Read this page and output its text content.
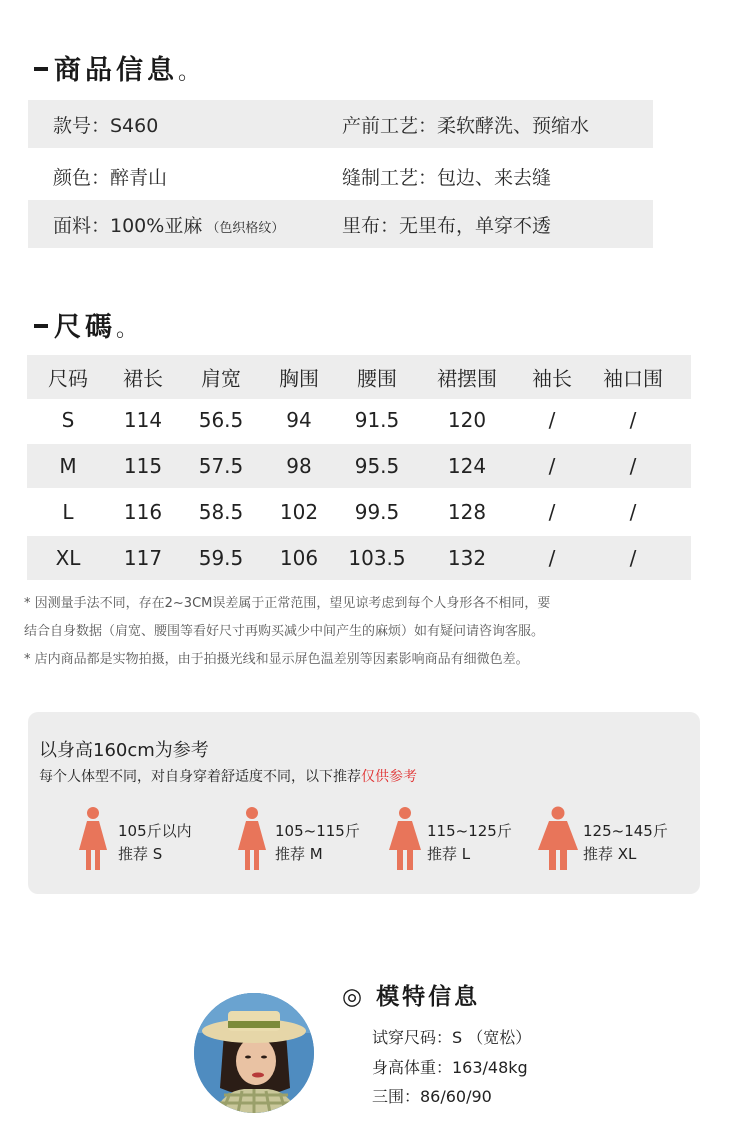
商品信息。
款号：S460	产前工艺：柔软酵洗、预缩水
颜色：醉青山	缝制工艺：包边、来去缝
面料：100%亚麻 （色织格纹）	里布：无里布，单穿不透
尺碼。
尺码 裙长 肩宽 胸围 腰围 裙摆围 袖长 袖口围
S 114 56.5 94 91.5 120	/	/
M 115 57.5 98 95.5 124	/	/
L	116 58.5 102 99.5 128	/	/
XL 117 59.5 106 103.5 132	/	/
* 因测量手法不同，存在2~3CM误差属于正常范围，望见谅考虑到每个人身形各不相同，要
结合自身数据（肩宽、腰围等看好尺寸再购买减少中间产生的麻烦）如有疑问请咨询客服。
* 店内商品都是实物拍摄，由于拍摄光线和显示屏色温差别等因素影响商品有细微色差。
以身高160cm为参考
每个人体型不同，对自身穿着舒适度不同，以下推荐仅供参考
105斤以内
推荐 S
105~115斤
推荐 M
115~125斤
推荐 L
125~145斤
推荐 XL
◎ 模特信息
试穿尺码：S （宽松）
身高体重：163/48kg
三围：86/60/90
